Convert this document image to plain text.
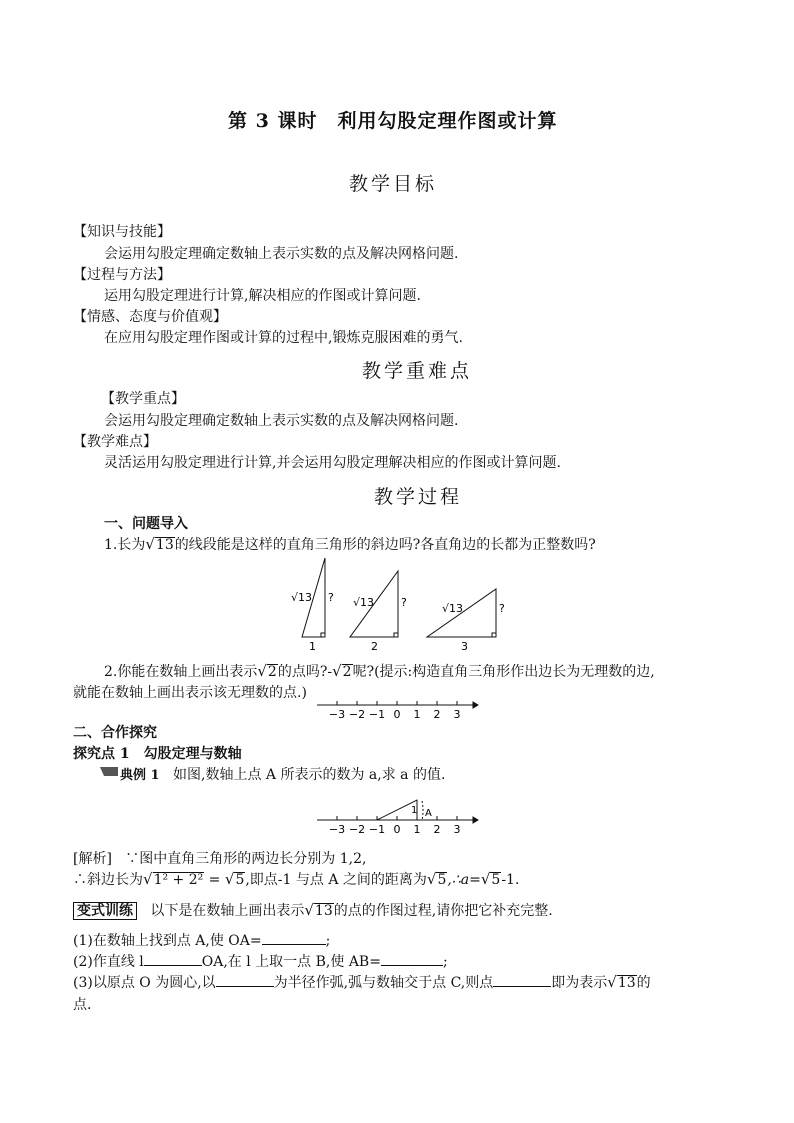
第 3 课时　利用勾股定理作图或计算
教学目标
【知识与技能】
会运用勾股定理确定数轴上表示实数的点及解决网格问题.
【过程与方法】
运用勾股定理进行计算,解决相应的作图或计算问题.
【情感、态度与价值观】
在应用勾股定理作图或计算的过程中,锻炼克服困难的勇气.
教学重难点
【教学重点】
会运用勾股定理确定数轴上表示实数的点及解决网格问题.
【教学难点】
灵活运用勾股定理进行计算,并会运用勾股定理解决相应的作图或计算问题.
教学过程
一、问题导入
1.长为√13的线段能是这样的直角三角形的斜边吗?各直角边的长都为正整数吗?
√13 ?
1
√13 ?
2
√13	?
3
2.你能在数轴上画出表示√2的点吗?-√2呢?(提示:构造直角三角形作出边长为无理数的边,
就能在数轴上画出表示该无理数的点.)
−3 −2 −1 0 1 2 3
二、合作探究
探究点 1　勾股定理与数轴
典例 1 如图,数轴上点 A 所表示的数为 a,求 a 的值.
1 A
−3 −2 −1 0 1 2 3
[解析] ∵图中直角三角形的两边长分别为 1,2,
∴斜边长为√1² + 2² = √5,即点-1 与点 A 之间的距离为√5,∴a=√5-1.
变式训练 以下是在数轴上画出表示√13的点的作图过程,请你把它补充完整.
(1)在数轴上找到点 A,使 OA=	;
(2)作直线 l	OA,在 l 上取一点 B,使 AB=	;
(3)以原点 O 为圆心,以	为半径作弧,弧与数轴交于点 C,则点	即为表示√13的
点.
